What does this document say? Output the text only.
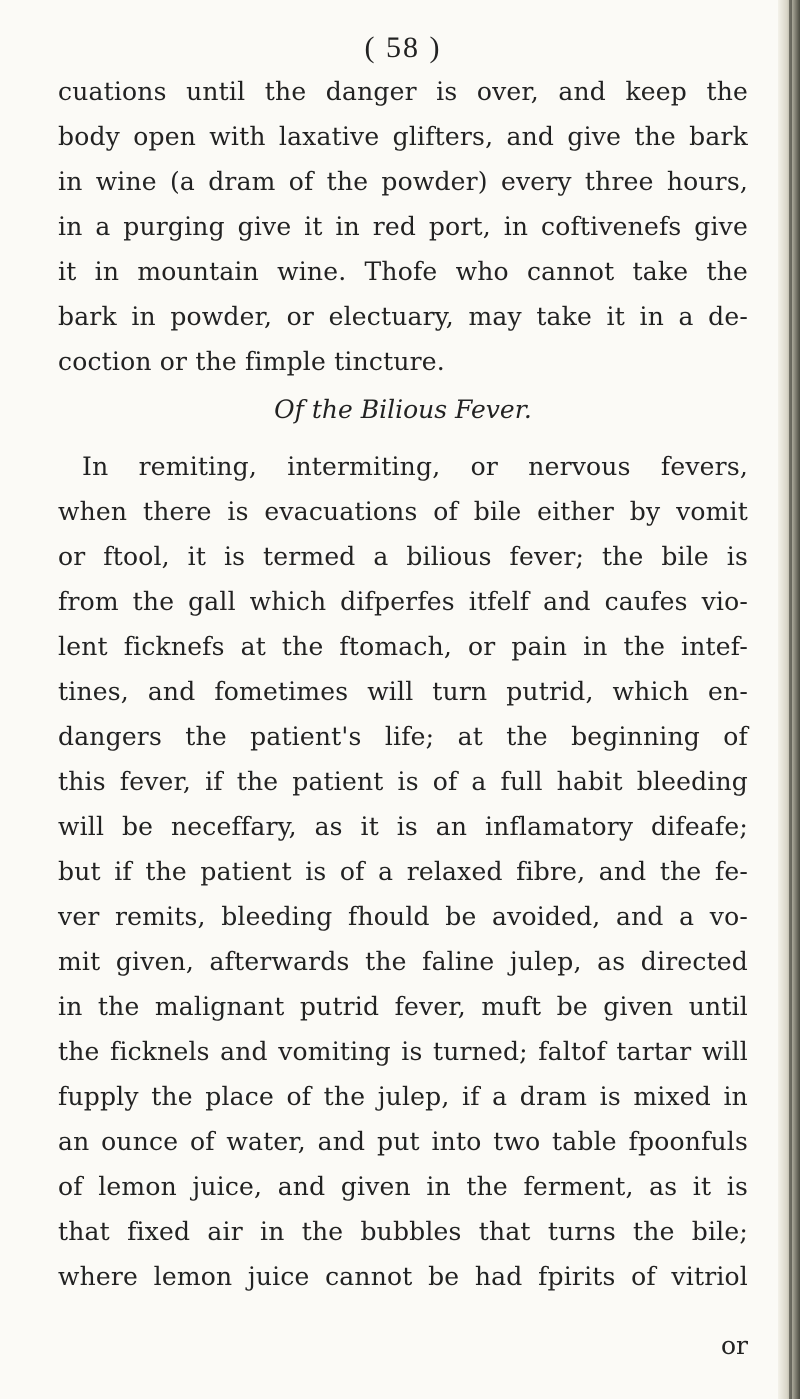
( 58 )
cuations until the danger is over, and keep the
body open with laxative glifters, and give the bark
in wine (a dram of the powder) every three hours,
in a purging give it in red port, in coftivenefs give
it in mountain wine. Thofe who cannot take the
bark in powder, or electuary, may take it in a de-
coction or the fimple tincture.
Of the Bilious Fever.
In remiting, intermiting, or nervous fevers,
when there is evacuations of bile either by vomit
or ftool, it is termed a bilious fever; the bile is
from the gall which difperfes itfelf and caufes vio-
lent ficknefs at the ftomach, or pain in the intef-
tines, and fometimes will turn putrid, which en-
dangers the patient's life; at the beginning of
this fever, if the patient is of a full habit bleeding
will be neceffary, as it is an inflamatory difeafe;
but if the patient is of a relaxed fibre, and the fe-
ver remits, bleeding fhould be avoided, and a vo-
mit given, afterwards the faline julep, as directed
in the malignant putrid fever, muft be given until
the ficknels and vomiting is turned; faltof tartar will
fupply the place of the julep, if a dram is mixed in
an ounce of water, and put into two table fpoonfuls
of lemon juice, and given in the ferment, as it is
that fixed air in the bubbles that turns the bile;
where lemon juice cannot be had fpirits of vitriol
or
